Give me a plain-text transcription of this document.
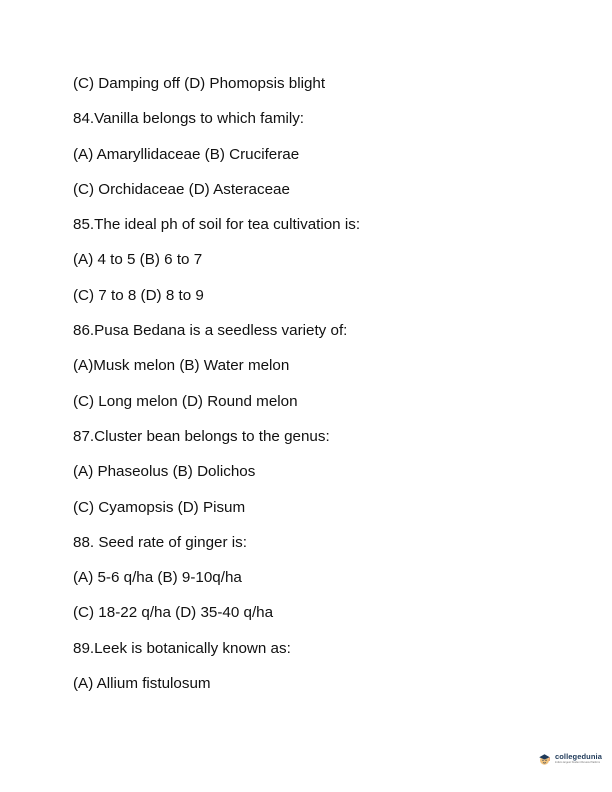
(C) Damping off (D) Phomopsis blight
84.Vanilla belongs to which family:
(A) Amaryllidaceae (B) Cruciferae
(C) Orchidaceae (D) Asteraceae
85.The ideal ph of soil for tea cultivation is:
(A) 4 to 5 (B) 6 to 7
(C) 7 to 8 (D) 8 to 9
86.Pusa Bedana is a seedless variety of:
(A)Musk melon (B) Water melon
(C) Long melon (D) Round melon
87.Cluster bean belongs to the genus:
(A) Phaseolus (B) Dolichos
(C) Cyamopsis (D) Pisum
88. Seed rate of ginger is:
(A) 5-6 q/ha (B) 9-10q/ha
(C) 18-22 q/ha (D) 35-40 q/ha
89.Leek is botanically known as:
(A) Allium fistulosum
collegedunia
India's largest Student Review Platform
